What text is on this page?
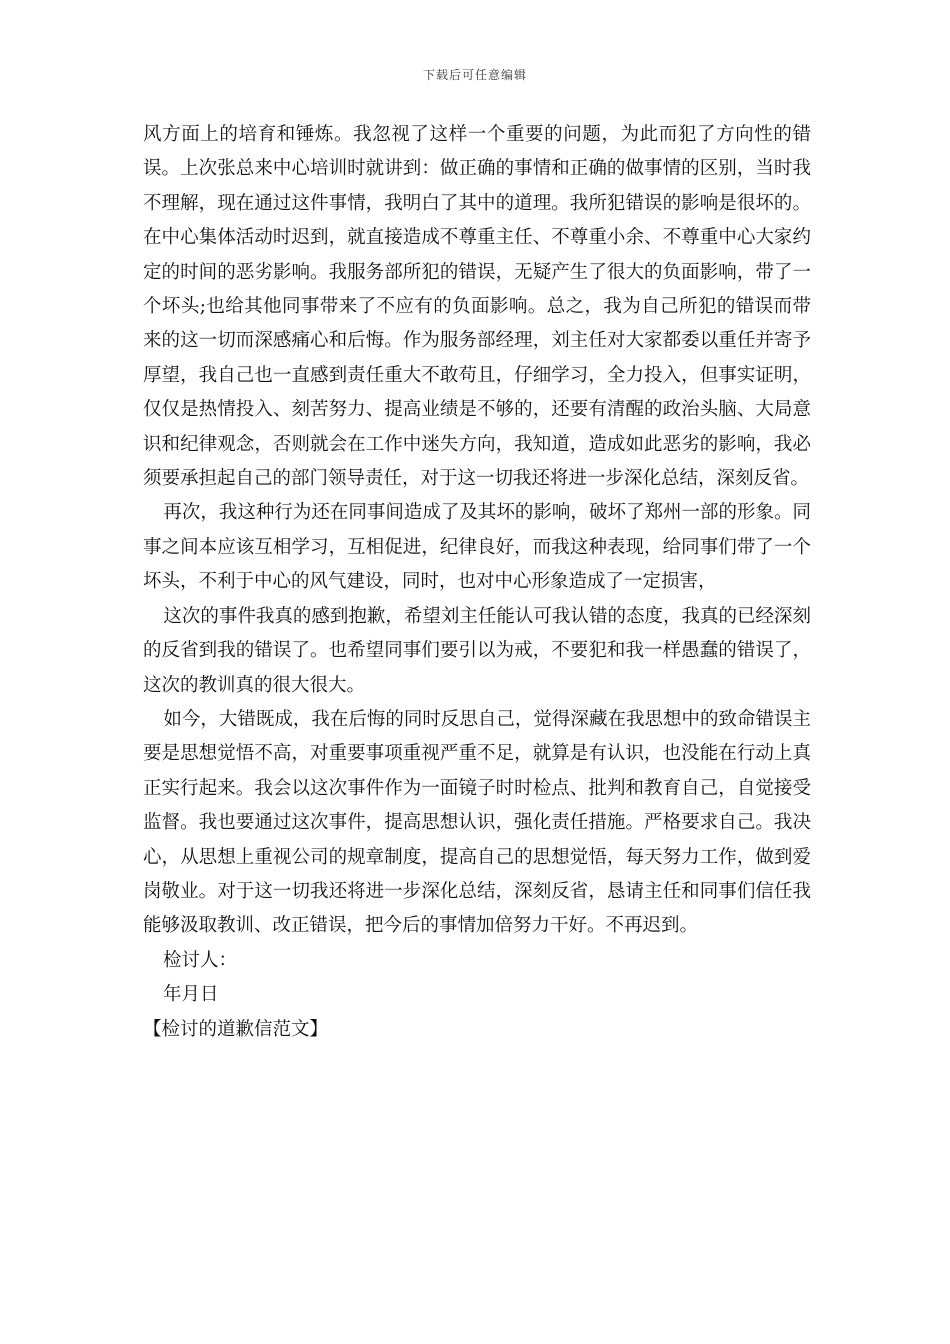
下载后可任意编辑

风方面上的培育和锤炼。我忽视了这样一个重要的问题，为此而犯了方向性的错误。上次张总来中心培训时就讲到：做正确的事情和正确的做事情的区别，当时我不理解，现在通过这件事情，我明白了其中的道理。我所犯错误的影响是很坏的。在中心集体活动时迟到，就直接造成不尊重主任、不尊重小余、不尊重中心大家约定的时间的恶劣影响。我服务部所犯的错误，无疑产生了很大的负面影响，带了一个坏头;也给其他同事带来了不应有的负面影响。总之，我为自己所犯的错误而带来的这一切而深感痛心和后悔。作为服务部经理，刘主任对大家都委以重任并寄予厚望，我自己也一直感到责任重大不敢苟且，仔细学习，全力投入，但事实证明，仅仅是热情投入、刻苦努力、提高业绩是不够的，还要有清醒的政治头脑、大局意识和纪律观念，否则就会在工作中迷失方向，我知道，造成如此恶劣的影响，我必须要承担起自己的部门领导责任，对于这一切我还将进一步深化总结，深刻反省。

再次，我这种行为还在同事间造成了及其坏的影响，破坏了郑州一部的形象。同事之间本应该互相学习，互相促进，纪律良好，而我这种表现，给同事们带了一个坏头，不利于中心的风气建设，同时，也对中心形象造成了一定损害，

这次的事件我真的感到抱歉，希望刘主任能认可我认错的态度，我真的已经深刻的反省到我的错误了。也希望同事们要引以为戒，不要犯和我一样愚蠢的错误了，这次的教训真的很大很大。

如今，大错既成，我在后悔的同时反思自己，觉得深藏在我思想中的致命错误主要是思想觉悟不高，对重要事项重视严重不足，就算是有认识，也没能在行动上真正实行起来。我会以这次事件作为一面镜子时时检点、批判和教育自己，自觉接受监督。我也要通过这次事件，提高思想认识，强化责任措施。严格要求自己。我决心，从思想上重视公司的规章制度，提高自己的思想觉悟，每天努力工作，做到爱岗敬业。对于这一切我还将进一步深化总结，深刻反省，恳请主任和同事们信任我能够汲取教训、改正错误，把今后的事情加倍努力干好。不再迟到。

检讨人：

年月日

【检讨的道歉信范文】
